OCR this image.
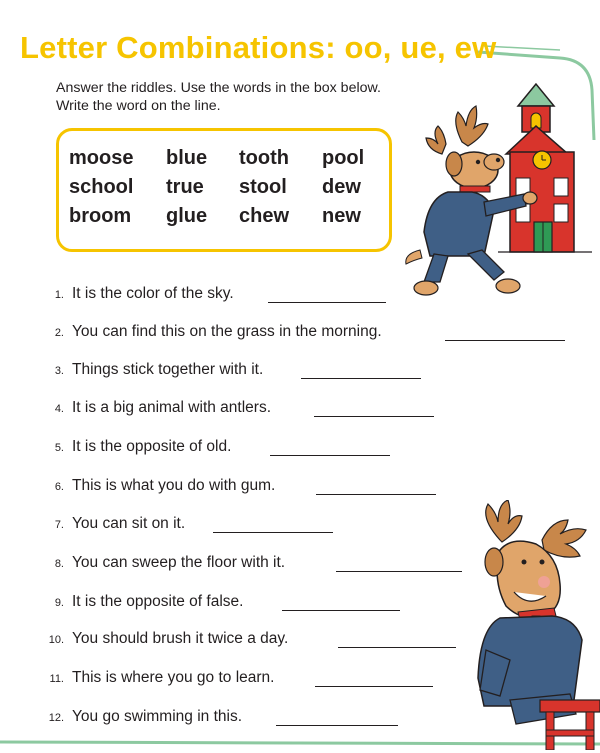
Letter Combinations: oo, ue, ew
Answer the riddles. Use the words in the box below.
Write the word on the line.
moose blue tooth pool
school true stool dew
broom glue chew new
1. It is the color of the sky.
2. You can find this on the grass in the morning.
3. Things stick together with it.
4. It is a big animal with antlers.
5. It is the opposite of old.
6. This is what you do with gum.
7. You can sit on it.
8. You can sweep the floor with it.
9. It is the opposite of false.
10. You should brush it twice a day.
11. This is where you go to learn.
12. You go swimming in this.
